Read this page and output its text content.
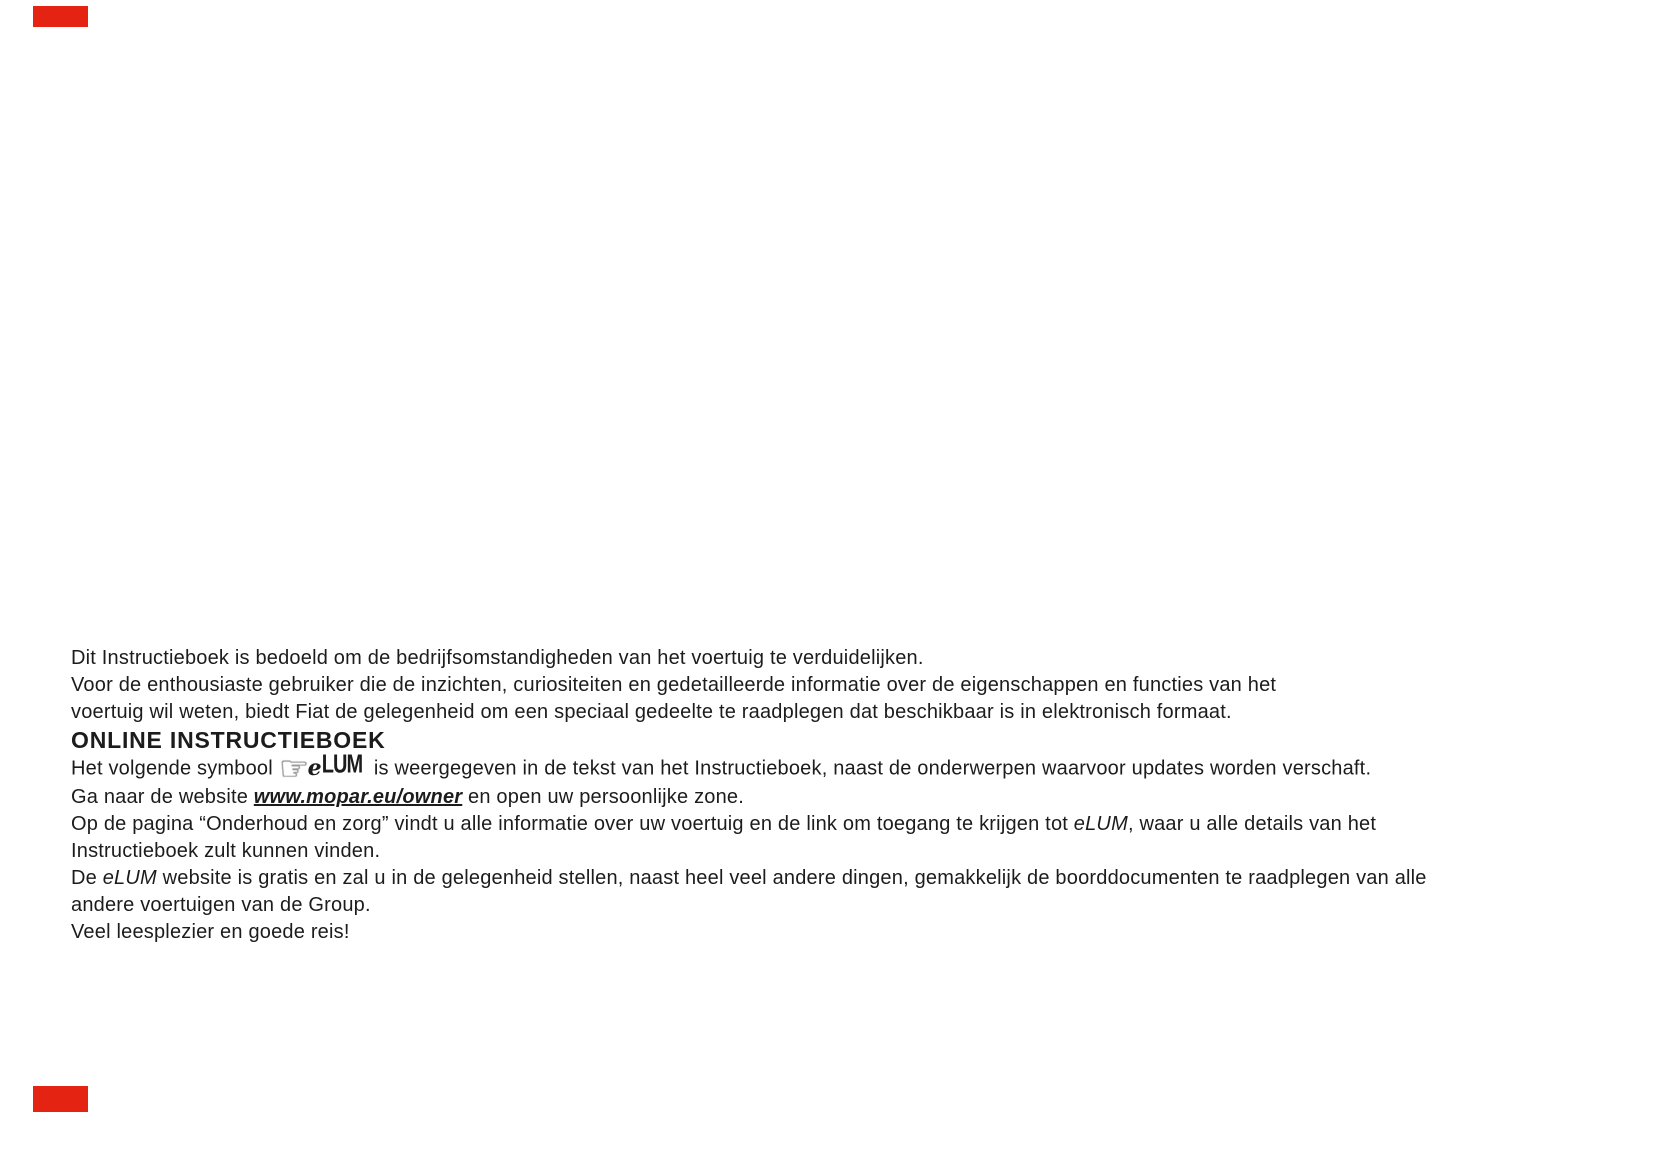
Dit Instructieboek is bedoeld om de bedrijfsomstandigheden van het voertuig te verduidelijken.

Voor de enthousiaste gebruiker die de inzichten, curiositeiten en gedetailleerde informatie over de eigenschappen en functies van het
voertuig wil weten, biedt Fiat de gelegenheid om een speciaal gedeelte te raadplegen dat beschikbaar is in elektronisch formaat.

ONLINE INSTRUCTIEBOEK

Het volgende symbool ☞eLUM is weergegeven in de tekst van het Instructieboek, naast de onderwerpen waarvoor updates worden verschaft.

Ga naar de website www.mopar.eu/owner en open uw persoonlijke zone.

Op de pagina “Onderhoud en zorg” vindt u alle informatie over uw voertuig en de link om toegang te krijgen tot eLUM, waar u alle details van het
Instructieboek zult kunnen vinden.

De eLUM website is gratis en zal u in de gelegenheid stellen, naast heel veel andere dingen, gemakkelijk de boorddocumenten te raadplegen van alle
andere voertuigen van de Group.

Veel leesplezier en goede reis!
